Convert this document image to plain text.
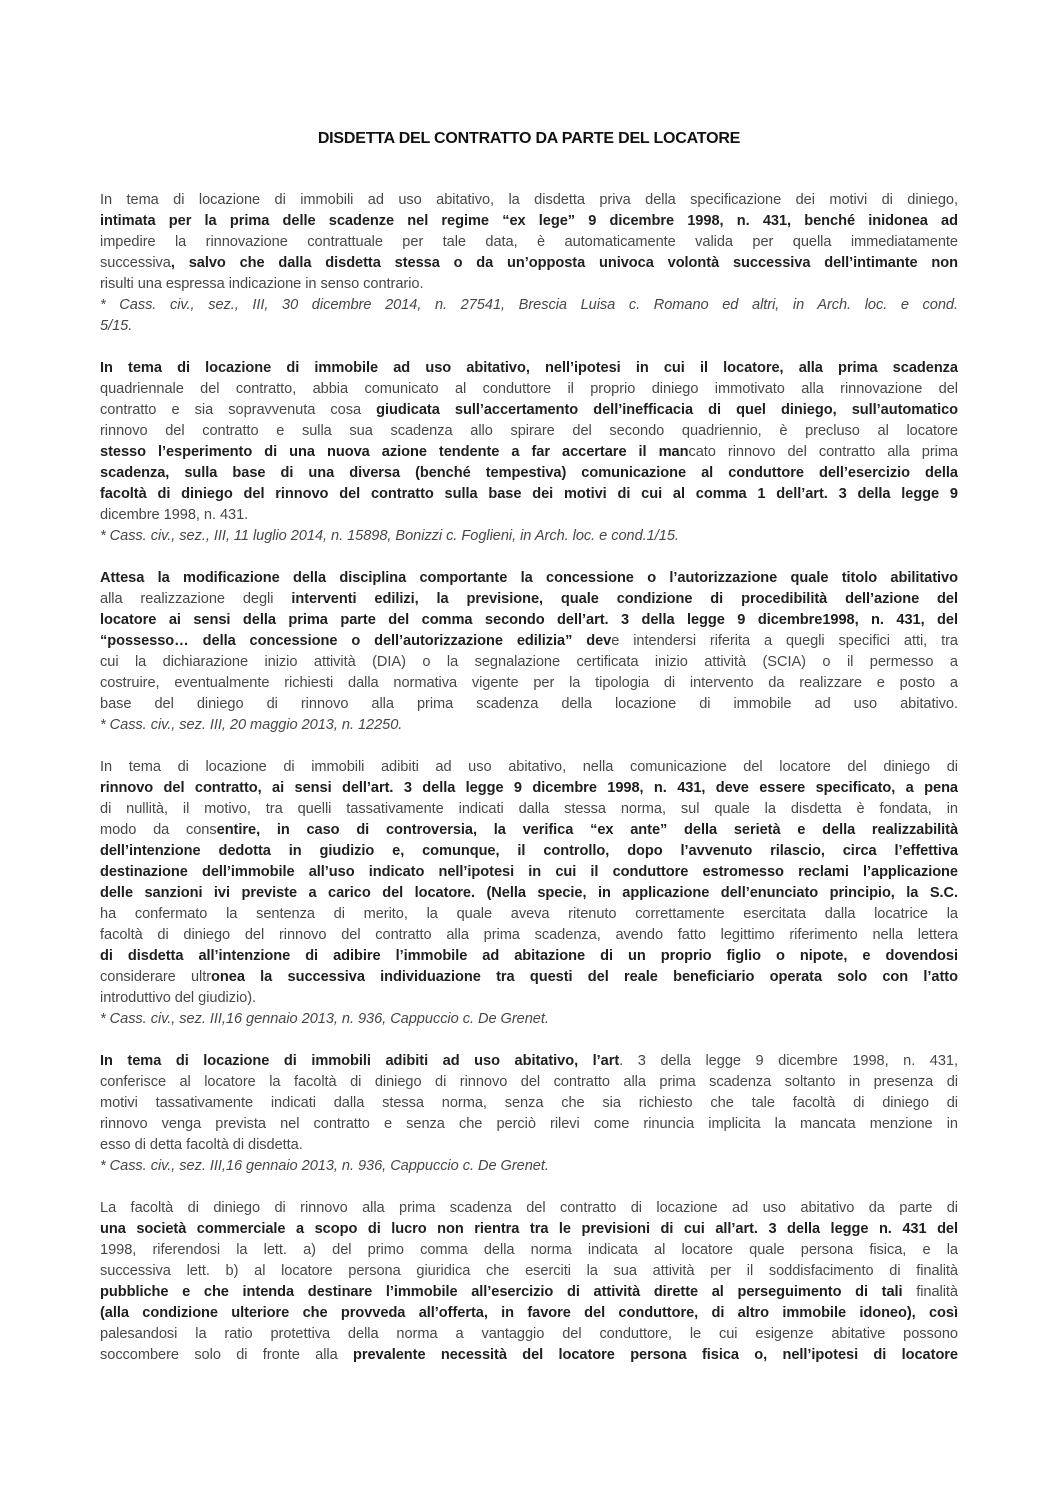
DISDETTA DEL CONTRATTO DA PARTE DEL LOCATORE
In tema di locazione di immobili ad uso abitativo, la disdetta priva della specificazione dei motivi di diniego,
intimata per la prima delle scadenze nel regime “ex lege” 9 dicembre 1998, n. 431, benché inidonea ad
impedire la rinnovazione contrattuale per tale data, è automaticamente valida per quella immediatamente
successiva, salvo che dalla disdetta stessa o da un’opposta univoca volontà successiva dell’intimante non
risulti una espressa indicazione in senso contrario.
* Cass. civ., sez., III, 30 dicembre 2014, n. 27541, Brescia Luisa c. Romano ed altri, in Arch. loc. e cond.
5/15.
In tema di locazione di immobile ad uso abitativo, nell’ipotesi in cui il locatore, alla prima scadenza
quadriennale del contratto, abbia comunicato al conduttore il proprio diniego immotivato alla rinnovazione del
contratto e sia sopravvenuta cosa giudicata sull’accertamento dell’inefficacia di quel diniego, sull’automatico
rinnovo del contratto e sulla sua scadenza allo spirare del secondo quadriennio, è precluso al locatore
stesso l’esperimento di una nuova azione tendente a far accertare il mancato rinnovo del contratto alla prima
scadenza, sulla base di una diversa (benché tempestiva) comunicazione al conduttore dell’esercizio della
facoltà di diniego del rinnovo del contratto sulla base dei motivi di cui al comma 1 dell’art. 3 della legge 9
dicembre 1998, n. 431.
* Cass. civ., sez., III, 11 luglio 2014, n. 15898, Bonizzi c. Foglieni, in Arch. loc. e cond.1/15.
Attesa la modificazione della disciplina comportante la concessione o l’autorizzazione quale titolo abilitativo
alla realizzazione degli interventi edilizi, la previsione, quale condizione di procedibilità dell’azione del
locatore ai sensi della prima parte del comma secondo dell’art. 3 della legge 9 dicembre1998, n. 431, del
“possesso… della concessione o dell’autorizzazione edilizia” deve intendersi riferita a quegli specifici atti, tra
cui la dichiarazione inizio attività (DIA) o la segnalazione certificata inizio attività (SCIA) o il permesso a
costruire, eventualmente richiesti dalla normativa vigente per la tipologia di intervento da realizzare e posto a
base del diniego di rinnovo alla prima scadenza della locazione di immobile ad uso abitativo.
* Cass. civ., sez. III, 20 maggio 2013, n. 12250.
In tema di locazione di immobili adibiti ad uso abitativo, nella comunicazione del locatore del diniego di
rinnovo del contratto, ai sensi dell’art. 3 della legge 9 dicembre 1998, n. 431, deve essere specificato, a pena
di nullità, il motivo, tra quelli tassativamente indicati dalla stessa norma, sul quale la disdetta è fondata, in
modo da consentire, in caso di controversia, la verifica “ex ante” della serietà e della realizzabilità
dell’intenzione dedotta in giudizio e, comunque, il controllo, dopo l’avvenuto rilascio, circa l’effettiva
destinazione dell’immobile all’uso indicato nell’ipotesi in cui il conduttore estromesso reclami l’applicazione
delle sanzioni ivi previste a carico del locatore. (Nella specie, in applicazione dell’enunciato principio, la S.C.
ha confermato la sentenza di merito, la quale aveva ritenuto correttamente esercitata dalla locatrice la
facoltà di diniego del rinnovo del contratto alla prima scadenza, avendo fatto legittimo riferimento nella lettera
di disdetta all’intenzione di adibire l’immobile ad abitazione di un proprio figlio o nipote, e dovendosi
considerare ultronea la successiva individuazione tra questi del reale beneficiario operata solo con l’atto
introduttivo del giudizio).
* Cass. civ., sez. III,16 gennaio 2013, n. 936, Cappuccio c. De Grenet.
In tema di locazione di immobili adibiti ad uso abitativo, l’art. 3 della legge 9 dicembre 1998, n. 431,
conferisce al locatore la facoltà di diniego di rinnovo del contratto alla prima scadenza soltanto in presenza di
motivi tassativamente indicati dalla stessa norma, senza che sia richiesto che tale facoltà di diniego di
rinnovo venga prevista nel contratto e senza che perciò rilevi come rinuncia implicita la mancata menzione in
esso di detta facoltà di disdetta.
* Cass. civ., sez. III,16 gennaio 2013, n. 936, Cappuccio c. De Grenet.
La facoltà di diniego di rinnovo alla prima scadenza del contratto di locazione ad uso abitativo da parte di
una società commerciale a scopo di lucro non rientra tra le previsioni di cui all’art. 3 della legge n. 431 del
1998, riferendosi la lett. a) del primo comma della norma indicata al locatore quale persona fisica, e la
successiva lett. b) al locatore persona giuridica che eserciti la sua attività per il soddisfacimento di finalità
pubbliche e che intenda destinare l’immobile all’esercizio di attività dirette al perseguimento di tali finalità
(alla condizione ulteriore che provveda all’offerta, in favore del conduttore, di altro immobile idoneo), così
palesandosi la ratio protettiva della norma a vantaggio del conduttore, le cui esigenze abitative possono
soccombere solo di fronte alla prevalente necessità del locatore persona fisica o, nell’ipotesi di locatore
